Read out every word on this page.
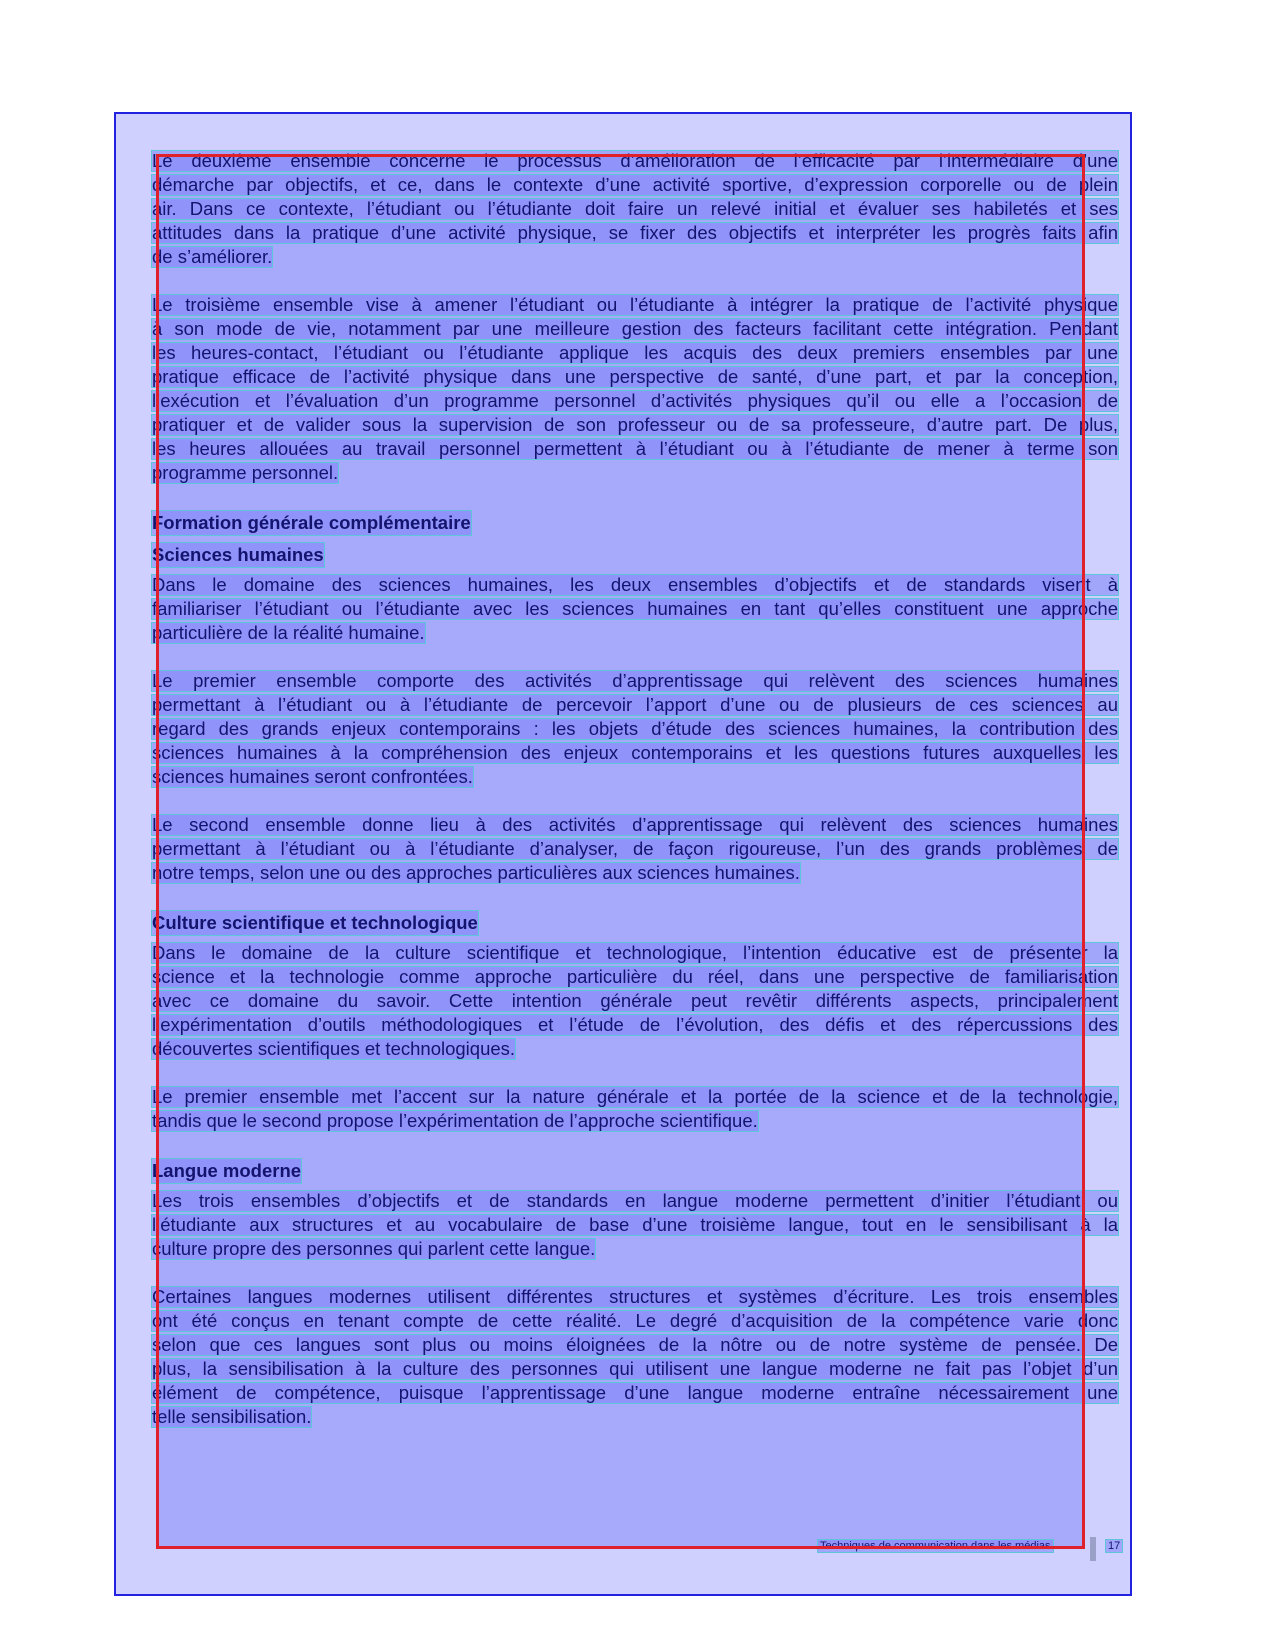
Le deuxième ensemble concerne le processus d’amélioration de l’efficacité par l’intermédiaire d’une
démarche par objectifs, et ce, dans le contexte d’une activité sportive, d’expression corporelle ou de plein
air. Dans ce contexte, l’étudiant ou l’étudiante doit faire un relevé initial et évaluer ses habiletés et ses
attitudes dans la pratique d’une activité physique, se fixer des objectifs et interpréter les progrès faits afin
de s’améliorer.
Le troisième ensemble vise à amener l’étudiant ou l’étudiante à intégrer la pratique de l’activité physique
à son mode de vie, notamment par une meilleure gestion des facteurs facilitant cette intégration. Pendant
les heures-contact, l’étudiant ou l’étudiante applique les acquis des deux premiers ensembles par une
pratique efficace de l’activité physique dans une perspective de santé, d’une part, et par la conception,
l’exécution et l’évaluation d’un programme personnel d’activités physiques qu’il ou elle a l’occasion de
pratiquer et de valider sous la supervision de son professeur ou de sa professeure, d’autre part. De plus,
les heures allouées au travail personnel permettent à l’étudiant ou à l’étudiante de mener à terme son
programme personnel.
Formation générale complémentaire
Sciences humaines
Dans le domaine des sciences humaines, les deux ensembles d’objectifs et de standards visent à
familiariser l’étudiant ou l’étudiante avec les sciences humaines en tant qu’elles constituent une approche
particulière de la réalité humaine.
Le premier ensemble comporte des activités d’apprentissage qui relèvent des sciences humaines
permettant à l’étudiant ou à l’étudiante de percevoir l’apport d’une ou de plusieurs de ces sciences au
regard des grands enjeux contemporains : les objets d’étude des sciences humaines, la contribution des
sciences humaines à la compréhension des enjeux contemporains et les questions futures auxquelles les
sciences humaines seront confrontées.
Le second ensemble donne lieu à des activités d’apprentissage qui relèvent des sciences humaines
permettant à l’étudiant ou à l’étudiante d’analyser, de façon rigoureuse, l’un des grands problèmes de
notre temps, selon une ou des approches particulières aux sciences humaines.
Culture scientifique et technologique
Dans le domaine de la culture scientifique et technologique, l’intention éducative est de présenter la
science et la technologie comme approche particulière du réel, dans une perspective de familiarisation
avec ce domaine du savoir. Cette intention générale peut revêtir différents aspects, principalement
l’expérimentation d’outils méthodologiques et l’étude de l’évolution, des défis et des répercussions des
découvertes scientifiques et technologiques.
Le premier ensemble met l’accent sur la nature générale et la portée de la science et de la technologie,
tandis que le second propose l’expérimentation de l’approche scientifique.
Langue moderne
Les trois ensembles d’objectifs et de standards en langue moderne permettent d’initier l’étudiant ou
l’étudiante aux structures et au vocabulaire de base d’une troisième langue, tout en le sensibilisant à la
culture propre des personnes qui parlent cette langue.
Certaines langues modernes utilisent différentes structures et systèmes d’écriture. Les trois ensembles
ont été conçus en tenant compte de cette réalité. Le degré d’acquisition de la compétence varie donc
selon que ces langues sont plus ou moins éloignées de la nôtre ou de notre système de pensée. De
plus, la sensibilisation à la culture des personnes qui utilisent une langue moderne ne fait pas l’objet d’un
élément de compétence, puisque l’apprentissage d’une langue moderne entraîne nécessairement une
telle sensibilisation.
Techniques de communication dans les médias	17
